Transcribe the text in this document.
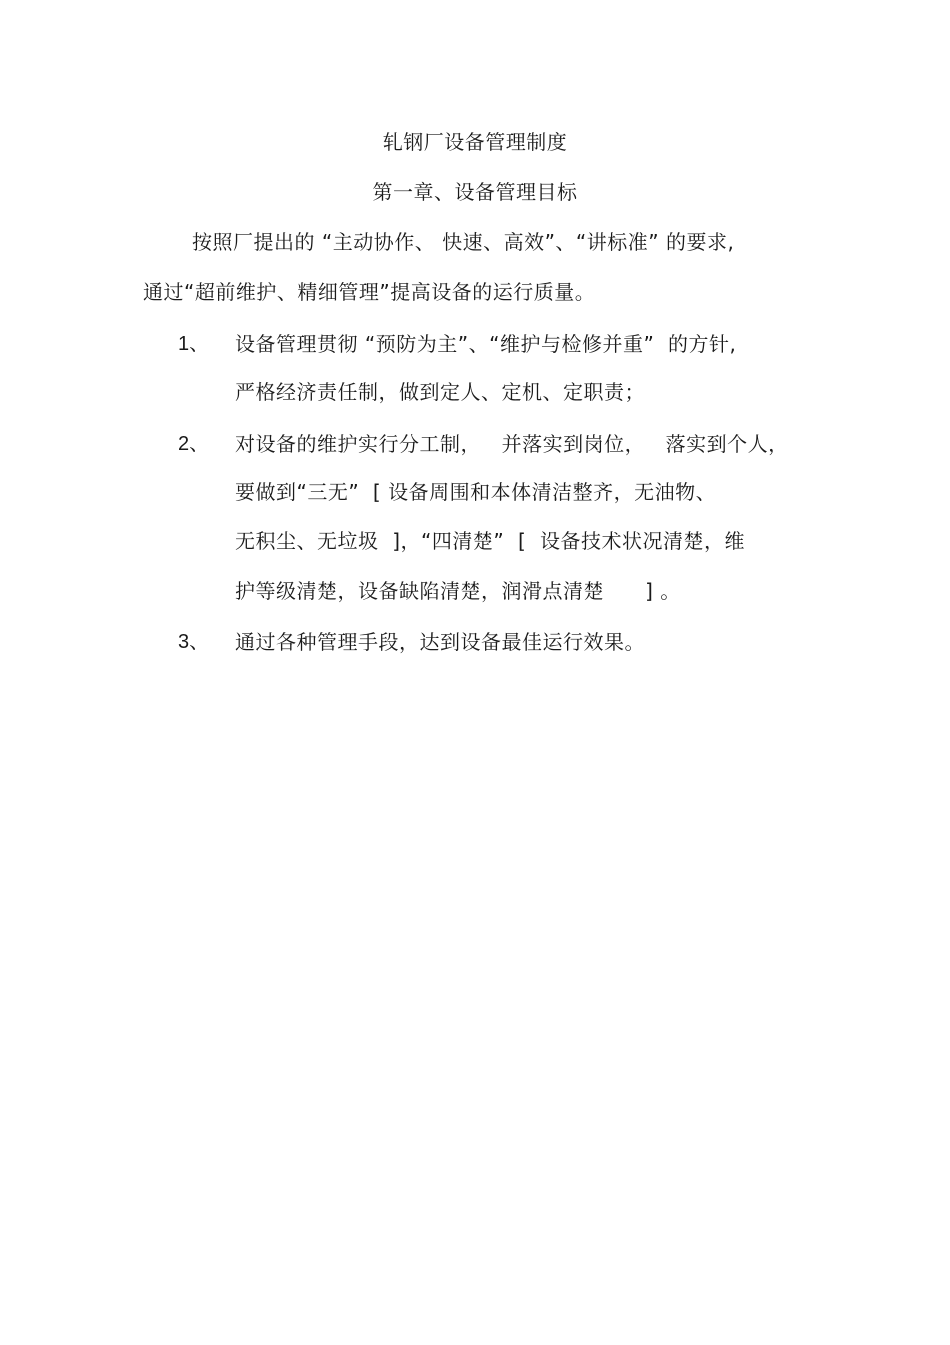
轧钢厂设备管理制度
第一章、设备管理目标
按照厂提出的 “主动协作、 快速、高效”、“讲标准” 的要求,
通过“超前维护、精细管理”提高设备的运行质量。
1、 设备管理贯彻 “预防为主”、“维护与检修并重”  的方针,
严格经济责任制，做到定人、定机、定职责；
2、 对设备的维护实行分工制，   并落实到岗位，   落实到个人，
要做到“三无”  [ 设备周围和本体清洁整齐，无油物、
无积尘、无垃圾  ]，“四清楚”  [  设备技术状况清楚，维
护等级清楚，设备缺陷清楚，润滑点清楚      ] 。
3、 通过各种管理手段，达到设备最佳运行效果。
